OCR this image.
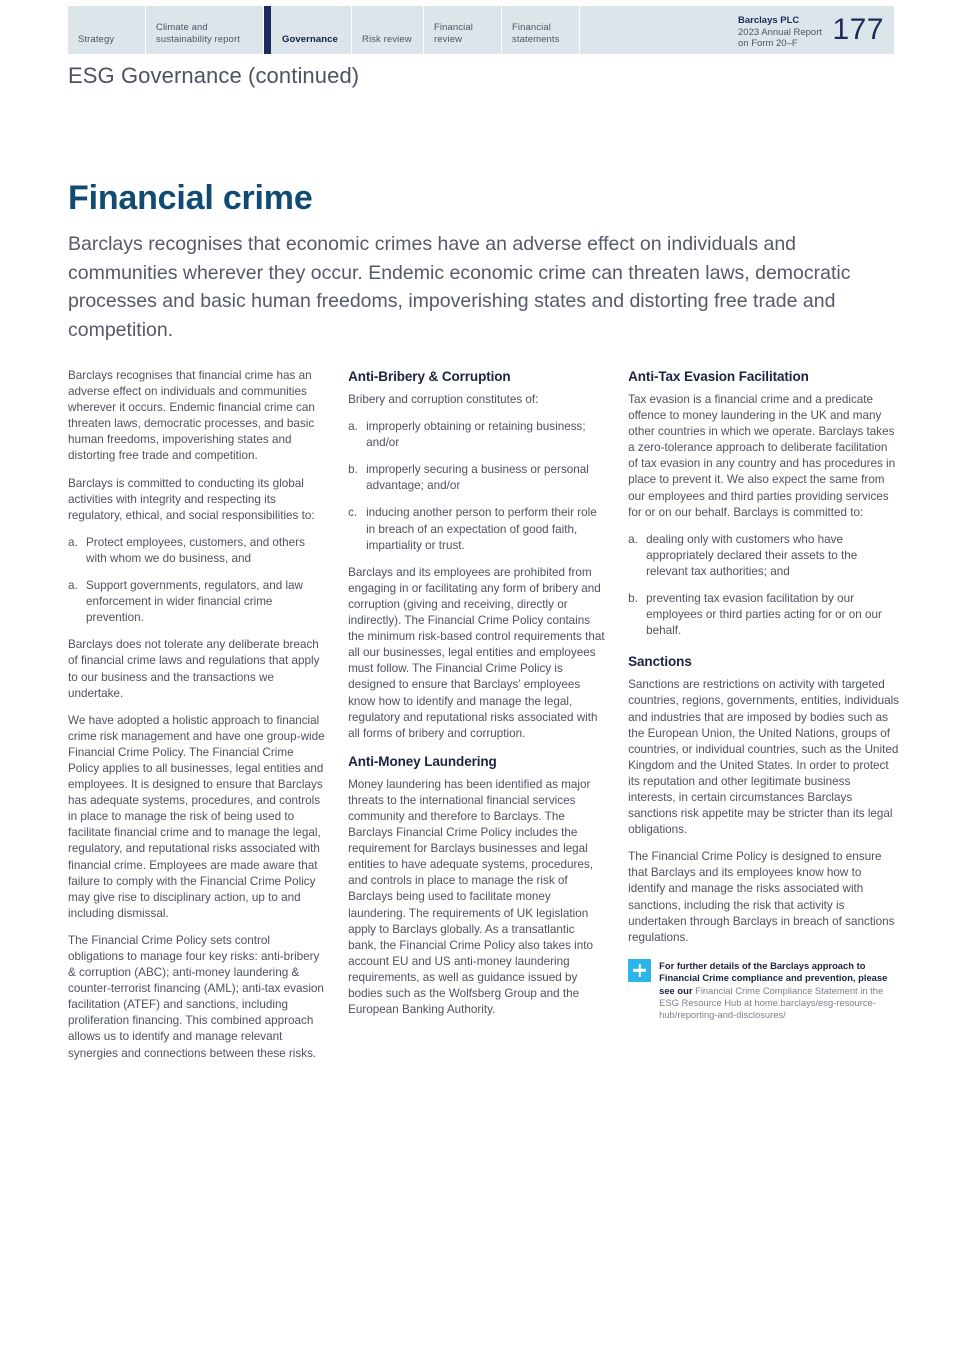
Strategy
Climate and sustainability report	Governance	Risk review
Financial review
Financial statements
Barclays PLC
2023 Annual Report
on Form 20–F	177
ESG Governance (continued)
Financial crime

Barclays recognises that economic crimes have an adverse effect on individuals and communities wherever they occur. Endemic economic crime can threaten laws, democratic processes and basic human freedoms, impoverishing states and distorting free trade and competition.

Barclays recognises that financial crime has an adverse effect on individuals and communities wherever it occurs. Endemic financial crime can threaten laws, democratic processes, and basic human freedoms, impoverishing states and distorting free trade and competition.

Barclays is committed to conducting its global activities with integrity and respecting its regulatory, ethical, and social responsibilities to:

a. Protect employees, customers, and others with whom we do business, and
a. Support governments, regulators, and law enforcement in wider financial crime prevention.

Barclays does not tolerate any deliberate breach of financial crime laws and regulations that apply to our business and the transactions we undertake.

We have adopted a holistic approach to financial crime risk management and have one group-wide Financial Crime Policy. The Financial Crime Policy applies to all businesses, legal entities and employees. It is designed to ensure that Barclays has adequate systems, procedures, and controls in place to manage the risk of being used to facilitate financial crime and to manage the legal, regulatory, and reputational risks associated with financial crime. Employees are made aware that failure to comply with the Financial Crime Policy may give rise to disciplinary action, up to and including dismissal.

The Financial Crime Policy sets control obligations to manage four key risks: anti-bribery & corruption (ABC); anti-money laundering & counter-terrorist financing (AML); anti-tax evasion facilitation (ATEF) and sanctions, including proliferation financing. This combined approach allows us to identify and manage relevant synergies and connections between these risks.

Anti-Bribery & Corruption

Bribery and corruption constitutes of:

a. improperly obtaining or retaining business; and/or
b. improperly securing a business or personal advantage; and/or
c. inducing another person to perform their role in breach of an expectation of good faith, impartiality or trust.

Barclays and its employees are prohibited from engaging in or facilitating any form of bribery and corruption (giving and receiving, directly or indirectly). The Financial Crime Policy contains the minimum risk-based control requirements that all our businesses, legal entities and employees must follow. The Financial Crime Policy is designed to ensure that Barclays’ employees know how to identify and manage the legal, regulatory and reputational risks associated with all forms of bribery and corruption.

Anti-Money Laundering

Money laundering has been identified as major threats to the international financial services community and therefore to Barclays. The Barclays Financial Crime Policy includes the requirement for Barclays businesses and legal entities to have adequate systems, procedures, and controls in place to manage the risk of Barclays being used to facilitate money laundering. The requirements of UK legislation apply to Barclays globally. As a transatlantic bank, the Financial Crime Policy also takes into account EU and US anti-money laundering requirements, as well as guidance issued by bodies such as the Wolfsberg Group and the European Banking Authority.

Anti-Tax Evasion Facilitation

Tax evasion is a financial crime and a predicate offence to money laundering in the UK and many other countries in which we operate. Barclays takes a zero-tolerance approach to deliberate facilitation of tax evasion in any country and has procedures in place to prevent it. We also expect the same from our employees and third parties providing services for or on our behalf. Barclays is committed to:

a. dealing only with customers who have appropriately declared their assets to the relevant tax authorities; and
b. preventing tax evasion facilitation by our employees or third parties acting for or on our behalf.
Sanctions

Sanctions are restrictions on activity with targeted countries, regions, governments, entities, individuals and industries that are imposed by bodies such as the European Union, the United Nations, groups of countries, or individual countries, such as the United Kingdom and the United States. In order to protect its reputation and other legitimate business interests, in certain circumstances Barclays sanctions risk appetite may be stricter than its legal obligations.

The Financial Crime Policy is designed to ensure that Barclays and its employees know how to identify and manage the risks associated with sanctions, including the risk that activity is undertaken through Barclays in breach of sanctions regulations.

For further details of the Barclays approach to Financial Crime compliance and prevention, please see our Financial Crime Compliance Statement in the ESG Resource Hub at home.barclays/esg-resource-hub/reporting-and-disclosures/
